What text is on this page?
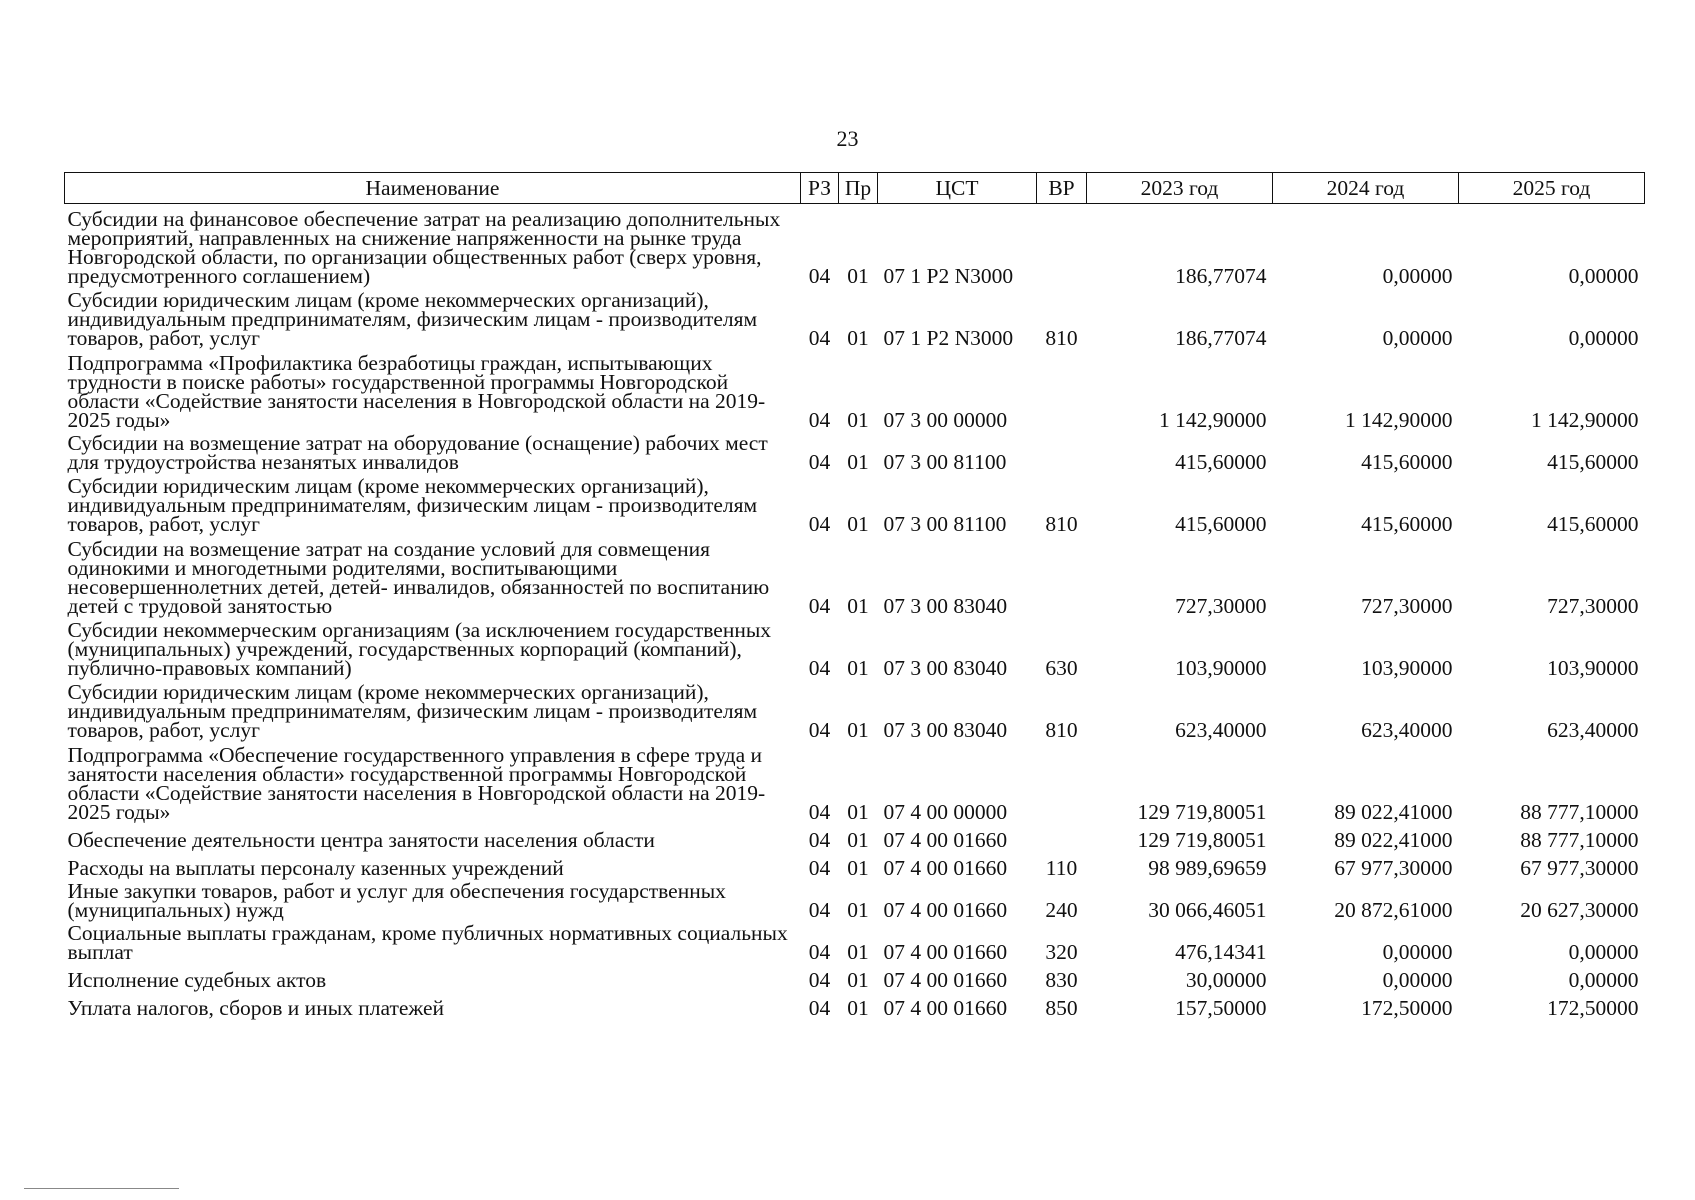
23
Наименование	РЗ	Пр	ЦСТ	ВР	2023 год	2024 год	2025 год
Субсидии на финансовое обеспечение затрат на реализацию дополнительных мероприятий, направленных на снижение напряженности на рынке труда Новгородской области, по организации общественных работ (сверх уровня, предусмотренного соглашением)	04	01	07 1 P2 N3000		186,77074	0,00000	0,00000
Субсидии юридическим лицам (кроме некоммерческих организаций), индивидуальным предпринимателям, физическим лицам - производителям товаров, работ, услуг	04	01	07 1 P2 N3000	810	186,77074	0,00000	0,00000
Подпрограмма «Профилактика безработицы граждан, испытывающих трудности в поиске работы» государственной программы Новгородской области «Содействие занятости населения в Новгородской области на 2019-2025 годы»	04	01	07 3 00 00000		1 142,90000	1 142,90000	1 142,90000
Субсидии на возмещение затрат на оборудование (оснащение) рабочих мест для трудоустройства незанятых инвалидов	04	01	07 3 00 81100		415,60000	415,60000	415,60000
Субсидии юридическим лицам (кроме некоммерческих организаций), индивидуальным предпринимателям, физическим лицам - производителям товаров, работ, услуг	04	01	07 3 00 81100	810	415,60000	415,60000	415,60000
Субсидии на возмещение затрат на создание условий для совмещения одинокими и многодетными родителями, воспитывающими несовершеннолетних детей, детей- инвалидов, обязанностей по воспитанию детей с трудовой занятостью	04	01	07 3 00 83040		727,30000	727,30000	727,30000
Субсидии некоммерческим организациям (за исключением государственных (муниципальных) учреждений, государственных корпораций (компаний), публично-правовых компаний)	04	01	07 3 00 83040	630	103,90000	103,90000	103,90000
Субсидии юридическим лицам (кроме некоммерческих организаций), индивидуальным предпринимателям, физическим лицам - производителям товаров, работ, услуг	04	01	07 3 00 83040	810	623,40000	623,40000	623,40000
Подпрограмма «Обеспечение государственного управления в сфере труда и занятости населения области» государственной программы Новгородской области «Содействие занятости населения в Новгородской области на 2019-2025 годы»	04	01	07 4 00 00000		129 719,80051	89 022,41000	88 777,10000
Обеспечение деятельности центра занятости населения области	04	01	07 4 00 01660		129 719,80051	89 022,41000	88 777,10000
Расходы на выплаты персоналу казенных учреждений	04	01	07 4 00 01660	110	98 989,69659	67 977,30000	67 977,30000
Иные закупки товаров, работ и услуг для обеспечения государственных (муниципальных) нужд	04	01	07 4 00 01660	240	30 066,46051	20 872,61000	20 627,30000
Социальные выплаты гражданам, кроме публичных нормативных социальных выплат	04	01	07 4 00 01660	320	476,14341	0,00000	0,00000
Исполнение судебных актов	04	01	07 4 00 01660	830	30,00000	0,00000	0,00000
Уплата налогов, сборов и иных платежей	04	01	07 4 00 01660	850	157,50000	172,50000	172,50000
